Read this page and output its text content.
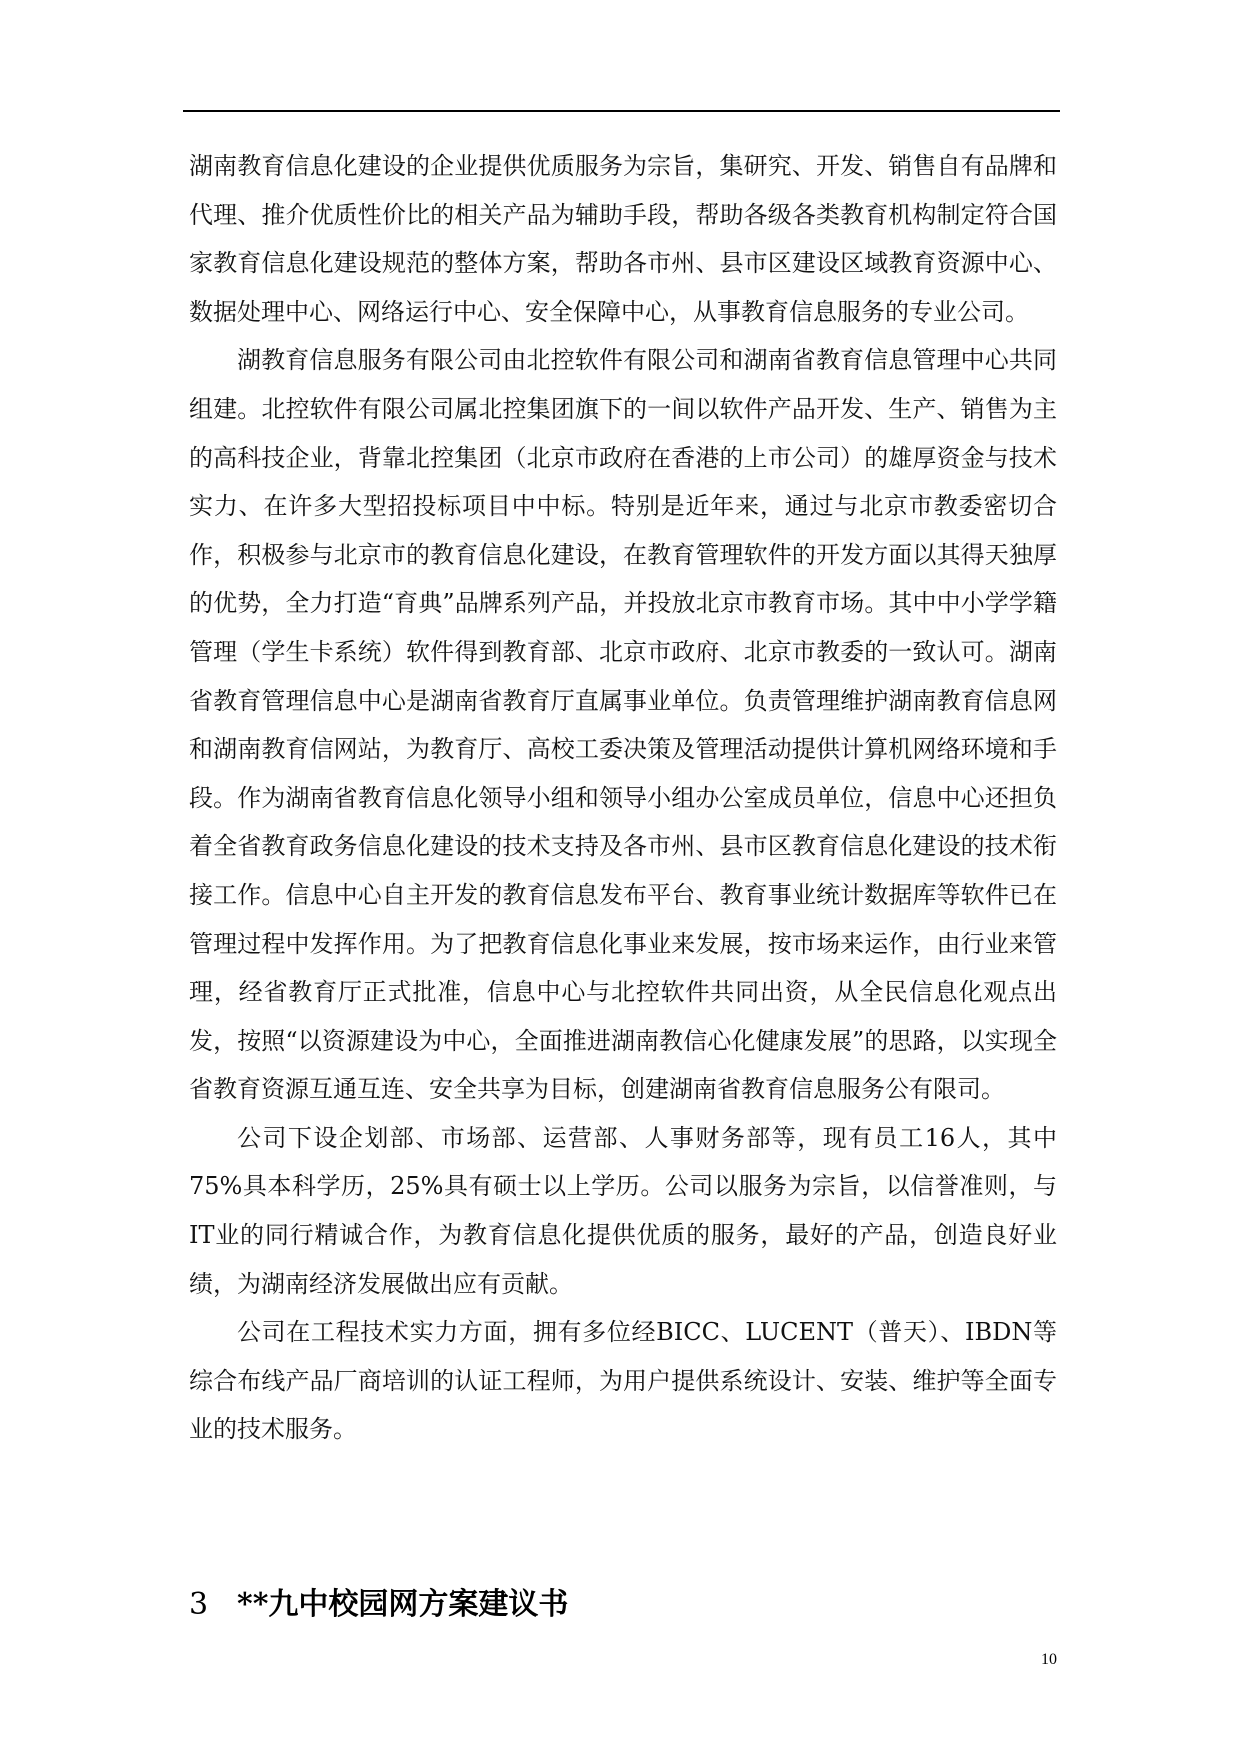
湖南教育信息化建设的企业提供优质服务为宗旨，集研究、开发、销售自有品牌和代理、推介优质性价比的相关产品为辅助手段，帮助各级各类教育机构制定符合国家教育信息化建设规范的整体方案，帮助各市州、县市区建设区域教育资源中心、数据处理中心、网络运行中心、安全保障中心，从事教育信息服务的专业公司。

湖教育信息服务有限公司由北控软件有限公司和湖南省教育信息管理中心共同组建。北控软件有限公司属北控集团旗下的一间以软件产品开发、生产、销售为主的高科技企业，背靠北控集团（北京市政府在香港的上市公司）的雄厚资金与技术实力、在许多大型招投标项目中中标。特别是近年来，通过与北京市教委密切合作，积极参与北京市的教育信息化建设，在教育管理软件的开发方面以其得天独厚的优势，全力打造“育典”品牌系列产品，并投放北京市教育市场。其中中小学学籍管理（学生卡系统）软件得到教育部、北京市政府、北京市教委的一致认可。湖南省教育管理信息中心是湖南省教育厅直属事业单位。负责管理维护湖南教育信息网和湖南教育信网站，为教育厅、高校工委决策及管理活动提供计算机网络环境和手段。作为湖南省教育信息化领导小组和领导小组办公室成员单位，信息中心还担负着全省教育政务信息化建设的技术支持及各市州、县市区教育信息化建设的技术衔接工作。信息中心自主开发的教育信息发布平台、教育事业统计数据库等软件已在管理过程中发挥作用。为了把教育信息化事业来发展，按市场来运作，由行业来管理，经省教育厅正式批准，信息中心与北控软件共同出资，从全民信息化观点出发，按照“以资源建设为中心，全面推进湖南教信心化健康发展”的思路，以实现全省教育资源互通互连、安全共享为目标，创建湖南省教育信息服务公有限司。

公司下设企划部、市场部、运营部、人事财务部等，现有员工16人，其中75%具本科学历，25%具有硕士以上学历。公司以服务为宗旨，以信誉准则，与IT业的同行精诚合作，为教育信息化提供优质的服务，最好的产品，创造良好业绩，为湖南经济发展做出应有贡献。

公司在工程技术实力方面，拥有多位经BICC、LUCENT（普天）、IBDN等综合布线产品厂商培训的认证工程师，为用户提供系统设计、安装、维护等全面专业的技术服务。

3 **九中校园网方案建议书
10
